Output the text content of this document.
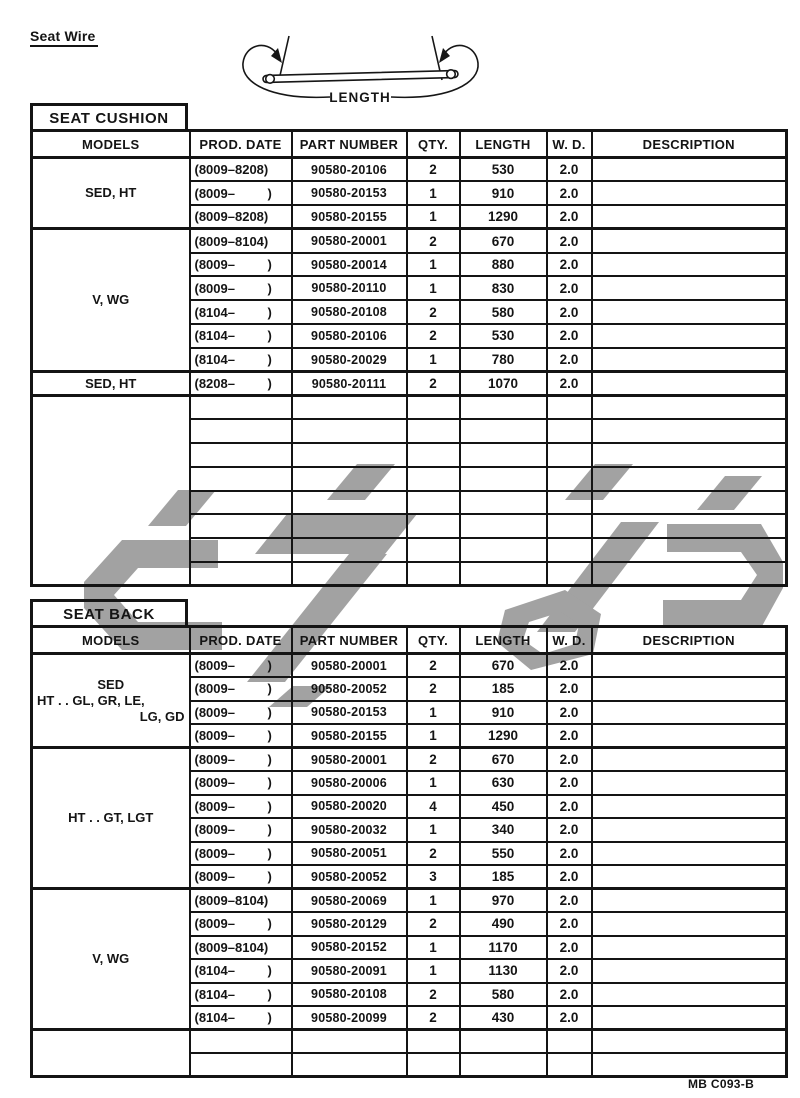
Seat Wire
LENGTH
SEAT CUSHION
MODELS	PROD. DATE	PART NUMBER	QTY.	LENGTH	W. D.	DESCRIPTION

SED, HT	(8009–8208)	90580-20106	2	530	2.0	
	(8009–         )	90580-20153	1	910	2.0	
	(8009–8208)	90580-20155	1	1290	2.0	

V, WG	(8009–8104)	90580-20001	2	670	2.0	
	(8009–         )	90580-20014	1	880	2.0	
	(8009–         )	90580-20110	1	830	2.0	
	(8104–         )	90580-20108	2	580	2.0	
	(8104–         )	90580-20106	2	530	2.0	
	(8104–         )	90580-20029	1	780	2.0	

SED, HT	(8208–         )	90580-20111	2	1070	2.0	

SEAT BACK
MODELS	PROD. DATE	PART NUMBER	QTY.	LENGTH	W. D.	DESCRIPTION

SED
HT . . GL, GR, LE,
LG, GD	(8009–         )	90580-20001	2	670	2.0	
	(8009–         )	90580-20052	2	185	2.0	
	(8009–         )	90580-20153	1	910	2.0	
	(8009–         )	90580-20155	1	1290	2.0	

HT . . GT, LGT	(8009–         )	90580-20001	2	670	2.0	
	(8009–         )	90580-20006	1	630	2.0	
	(8009–         )	90580-20020	4	450	2.0	
	(8009–         )	90580-20032	1	340	2.0	
	(8009–         )	90580-20051	2	550	2.0	
	(8009–         )	90580-20052	3	185	2.0	

V, WG	(8009–8104)	90580-20069	1	970	2.0	
	(8009–         )	90580-20129	2	490	2.0	
	(8009–8104)	90580-20152	1	1170	2.0	
	(8104–         )	90580-20091	1	1130	2.0	
	(8104–         )	90580-20108	2	580	2.0	
	(8104–         )	90580-20099	2	430	2.0	

MB C093-B
